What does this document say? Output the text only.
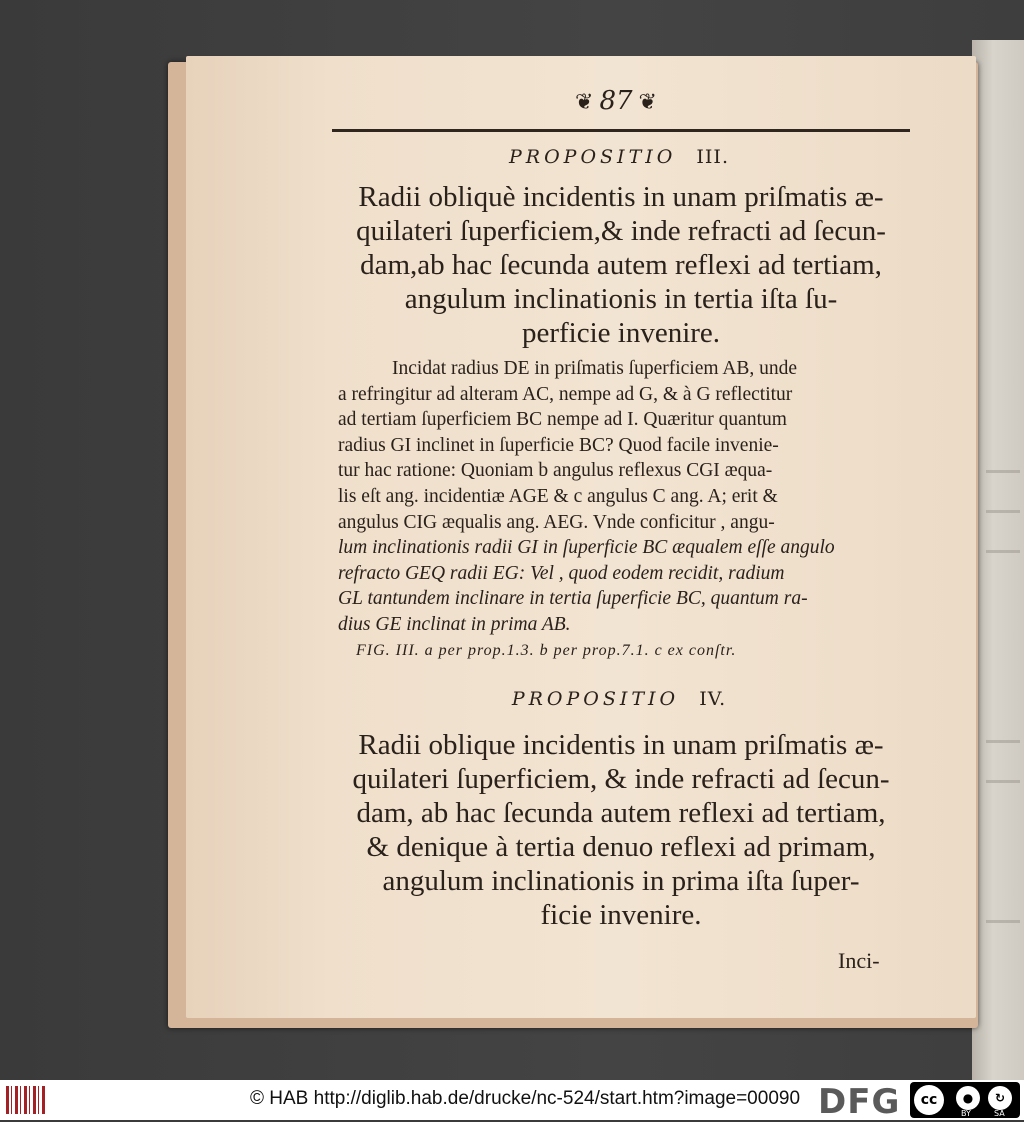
❦ 87 ❦
PROPOSITIO III.
Radii obliquè incidentis in unam priſmatis æ-
quilateri ſuperficiem,& inde refracti ad ſecun-
dam,ab hac ſecunda autem reflexi ad tertiam,
angulum inclinationis in tertia iſta ſu-
perficie invenire.
Incidat radius DE in priſmatis ſuperficiem AB, unde
a refringitur ad alteram AC, nempe ad G, & à G reflectitur
ad tertiam ſuperficiem BC nempe ad I. Quæritur quantum
radius GI inclinet in ſuperficie BC? Quod facile invenie-
tur hac ratione: Quoniam b angulus reflexus CGI æqua-
lis eſt ang. incidentiæ AGE & c angulus C ang. A; erit &
angulus CIG æqualis ang. AEG. Vnde conficitur , angu-
lum inclinationis radii GI in ſuperficie BC æqualem eſſe angulo
refracto GEQ radii EG: Vel , quod eodem recidit, radium
GL tantundem inclinare in tertia ſuperficie BC, quantum ra-
dius GE inclinat in prima AB.
FIG. III. a per prop.1.3. b per prop.7.1. c ex conſtr.
PROPOSITIO IV.
Radii oblique incidentis in unam priſmatis æ-
quilateri ſuperficiem, & inde refracti ad ſecun-
dam, ab hac ſecunda autem reflexi ad tertiam,
& denique à tertia denuo reflexi ad primam,
angulum inclinationis in prima iſta ſuper-
ficie invenire.
Inci-
© HAB http://diglib.hab.de/drucke/nc-524/start.htm?image=00090 DFG	cc	●	↻
BY	SA
